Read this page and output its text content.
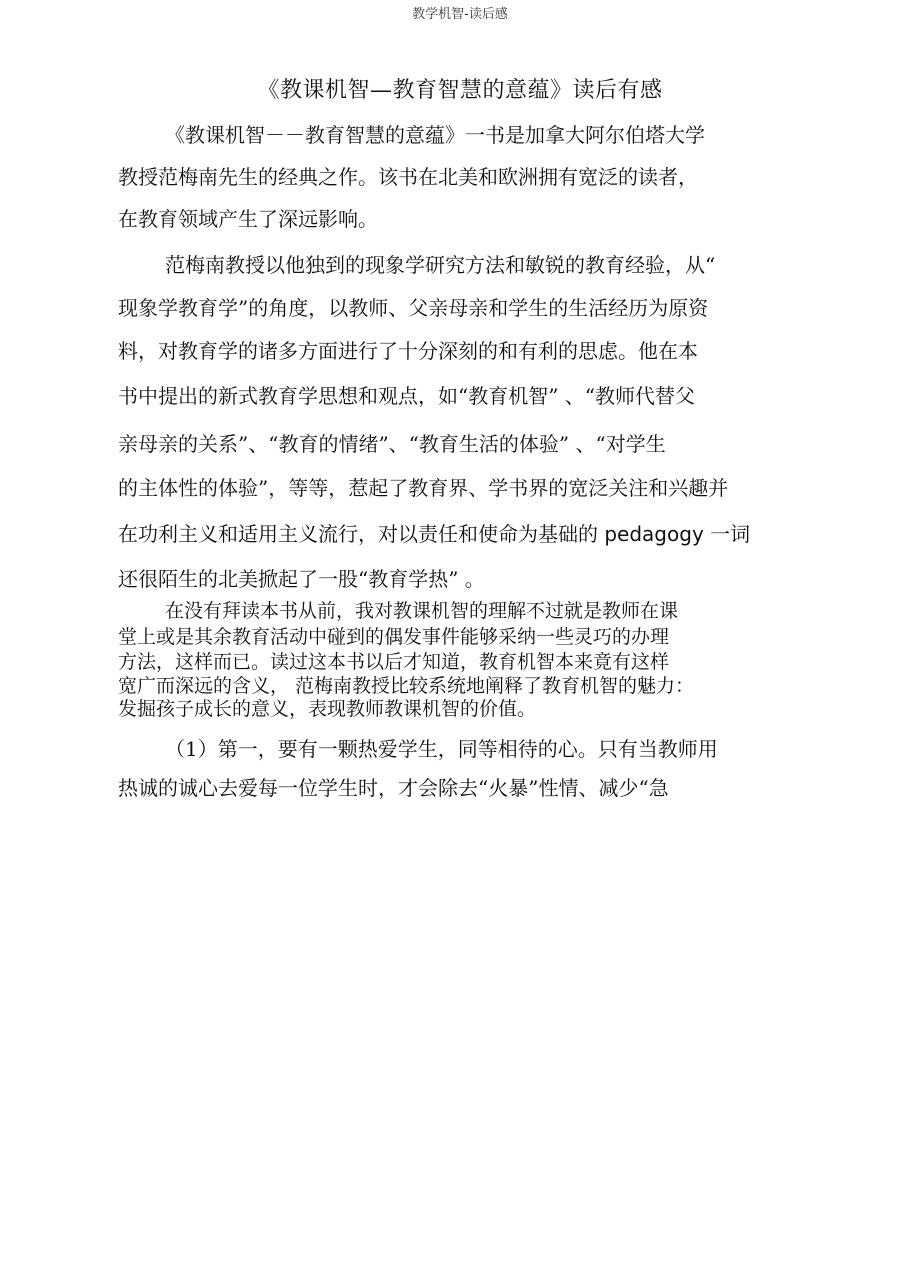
教学机智-读后感
《教课机智—教育智慧的意蕴》读后有感
《教课机智－－教育智慧的意蕴》一书是加拿大阿尔伯塔大学
教授范梅南先生的经典之作。该书在北美和欧洲拥有宽泛的读者，
在教育领域产生了深远影响。
范梅南教授以他独到的现象学研究方法和敏锐的教育经验，从“
现象学教育学”的角度，以教师、父亲母亲和学生的生活经历为原资
料，对教育学的诸多方面进行了十分深刻的和有利的思虑。他在本
书中提出的新式教育学思想和观点，如“教育机智” 、“教师代替父
亲母亲的关系”、“教育的情绪”、“教育生活的体验” 、“对学生
的主体性的体验”，等等，惹起了教育界、学书界的宽泛关注和兴趣并
在功利主义和适用主义流行，对以责任和使命为基础的 pedagogy 一词
还很陌生的北美掀起了一股“教育学热” 。
在没有拜读本书从前，我对教课机智的理解不过就是教师在课
堂上或是其余教育活动中碰到的偶发事件能够采纳一些灵巧的办理
方法，这样而已。读过这本书以后才知道，教育机智本来竟有这样
宽广而深远的含义， 范梅南教授比较系统地阐释了教育机智的魅力：
发掘孩子成长的意义，表现教师教课机智的价值。
（1）第一，要有一颗热爱学生，同等相待的心。只有当教师用
热诚的诚心去爱每一位学生时，才会除去“火暴”性情、减少“急
